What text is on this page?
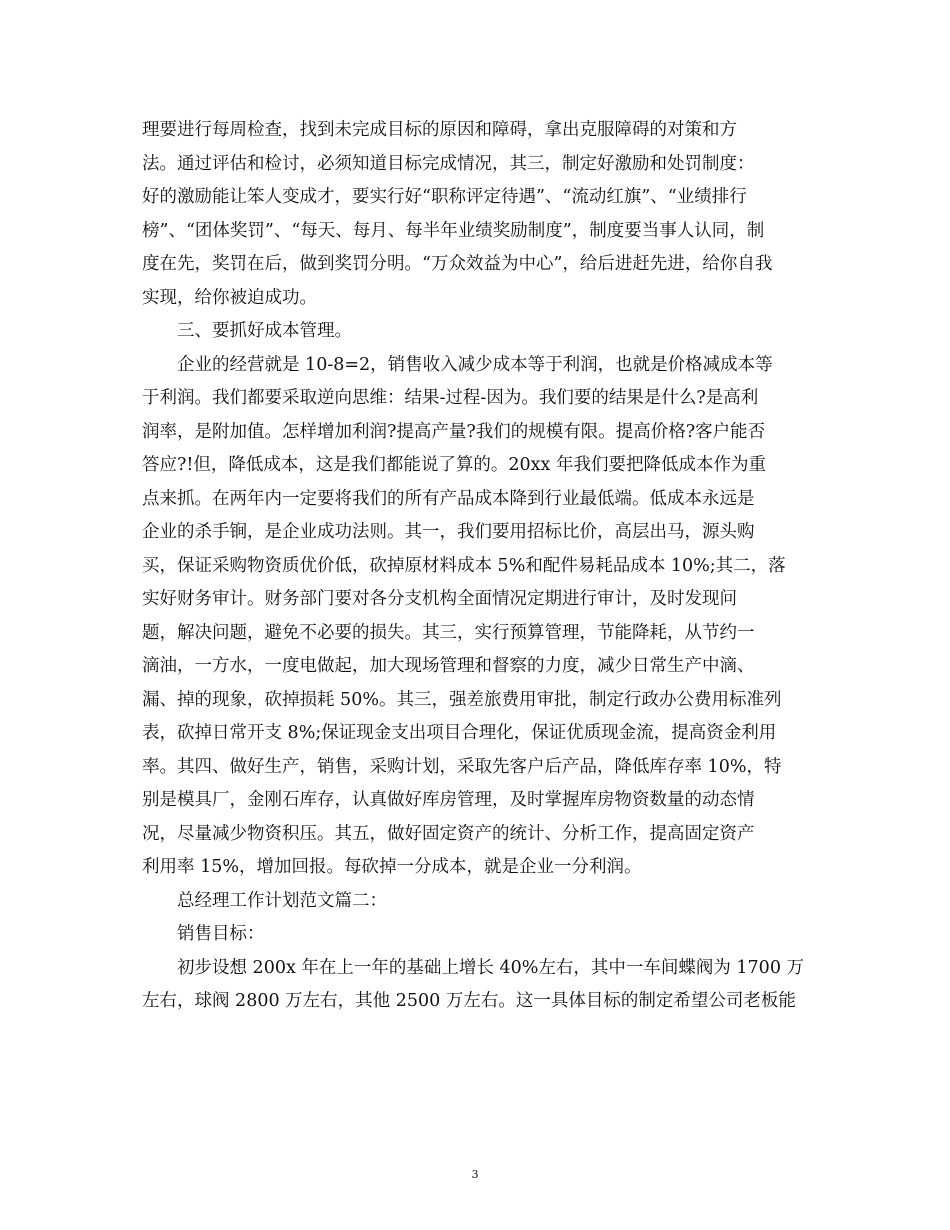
理要进行每周检查，找到未完成目标的原因和障碍，拿出克服障碍的对策和方
法。通过评估和检讨，必须知道目标完成情况，其三，制定好激励和处罚制度：
好的激励能让笨人变成才，要实行好“职称评定待遇”、“流动红旗”、“业绩排行
榜”、“团体奖罚”、“每天、每月、每半年业绩奖励制度”，制度要当事人认同，制
度在先，奖罚在后，做到奖罚分明。“万众效益为中心”，给后进赶先进，给你自我
实现，给你被迫成功。
三、要抓好成本管理。
企业的经营就是 10-8=2，销售收入减少成本等于利润，也就是价格减成本等
于利润。我们都要采取逆向思维：结果-过程-因为。我们要的结果是什么?是高利
润率，是附加值。怎样增加利润?提高产量?我们的规模有限。提高价格?客户能否
答应?!但，降低成本，这是我们都能说了算的。20xx 年我们要把降低成本作为重
点来抓。在两年内一定要将我们的所有产品成本降到行业最低端。低成本永远是
企业的杀手锏，是企业成功法则。其一，我们要用招标比价，高层出马，源头购
买，保证采购物资质优价低，砍掉原材料成本 5%和配件易耗品成本 10%;其二，落
实好财务审计。财务部门要对各分支机构全面情况定期进行审计，及时发现问
题，解决问题，避免不必要的损失。其三，实行预算管理，节能降耗，从节约一
滴油，一方水，一度电做起，加大现场管理和督察的力度，减少日常生产中滴、
漏、掉的现象，砍掉损耗 50%。其三，强差旅费用审批，制定行政办公费用标准列
表，砍掉日常开支 8%;保证现金支出项目合理化，保证优质现金流，提高资金利用
率。其四、做好生产，销售，采购计划，采取先客户后产品，降低库存率 10%，特
别是模具厂，金刚石库存，认真做好库房管理，及时掌握库房物资数量的动态情
况，尽量减少物资积压。其五，做好固定资产的统计、分析工作，提高固定资产
利用率 15%，增加回报。每砍掉一分成本，就是企业一分利润。
总经理工作计划范文篇二：
销售目标：
初步设想 200x 年在上一年的基础上增长 40%左右，其中一车间蝶阀为 1700 万
左右，球阀 2800 万左右，其他 2500 万左右。这一具体目标的制定希望公司老板能
3
